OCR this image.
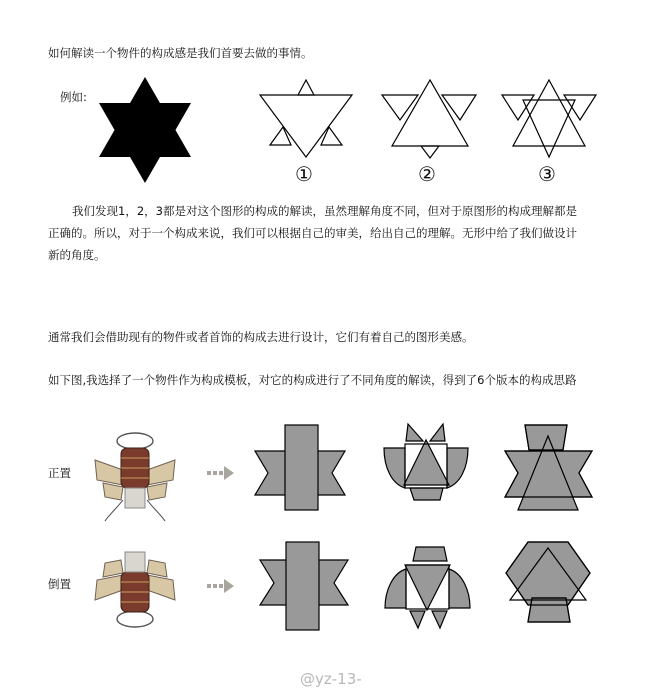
如何解读一个物件的构成感是我们首要去做的事情。
例如:
①	②	③
我们发现1，2，3都是对这个图形的构成的解读，虽然理解角度不同，但对于原图形的构成理解都是正确的。所以，对于一个构成来说，我们可以根据自己的审美，给出自己的理解。无形中给了我们做设计新的角度。
通常我们会借助现有的物件或者首饰的构成去进行设计，它们有着自己的图形美感。
如下图,我选择了一个物件作为构成模板，对它的构成进行了不同角度的解读，得到了6个版本的构成思路
正置
倒置
@yz-13-
